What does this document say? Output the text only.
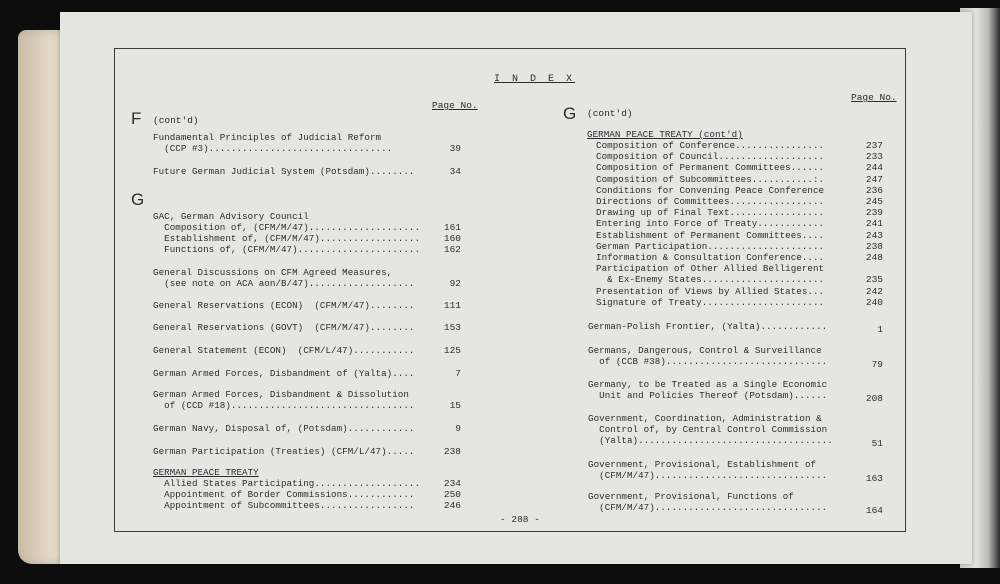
I N D E X
F (cont'd)
Page No.
G
Fundamental Principles of Judicial Reform
(CCP #3).................................	39
Future German Judicial System (Potsdam)........	34
GAC, German Advisory Council
Composition of, (CFM/M/47)....................	161
Establishment of, (CFM/M/47)..................	160
Functions of, (CFM/M/47)......................	162
General Discussions on CFM Agreed Measures,
(see note on ACA aon/B/47)...................	92
General Reservations (ECON)  (CFM/M/47)........	111
General Reservations (GOVT)  (CFM/M/47)........	153
General Statement (ECON)  (CFM/L/47)...........	125
German Armed Forces, Disbandment of (Yalta)....	7
German Armed Forces, Disbandment & Dissolution
of (CCD #18).................................	15
German Navy, Disposal of, (Potsdam)............	9
German Participation (Treaties) (CFM/L/47).....	238
GERMAN PEACE TREATY
Allied States Participating...................	234
Appointment of Border Commissions............	250
Appointment of Subcommittees.................	246
G (cont'd)
Page No.
GERMAN PEACE TREATY (cont'd)
Composition of Conference................	237
Composition of Council...................	233
Composition of Permanent Committees......	244
Composition of Subcommittees...........:.	247
Conditions for Convening Peace Conference	236
Directions of Committees.................	245
Drawing up of Final Text.................	239
Entering into Force of Treaty............	241
Establishment of Permanent Committees....	243
German Participation.....................	238
Information & Consultation Conference....	248
Participation of Other Allied Belligerent
& Ex-Enemy States......................	235
Presentation of Views by Allied States...	242
Signature of Treaty......................	240
German-Polish Frontier, (Yalta)............	1
Germans, Dangerous, Control & Surveillance
of (CCB #38).............................	79
Germany, to be Treated as a Single Economic
Unit and Policies Thereof (Potsdam)......	208
Government, Coordination, Administration &
Control of, by Central Control Commission
(Yalta)...................................	51
Government, Provisional, Establishment of
(CFM/M/47)...............................	163
Government, Provisional, Functions of
(CFM/M/47)...............................	164
- 288 -
